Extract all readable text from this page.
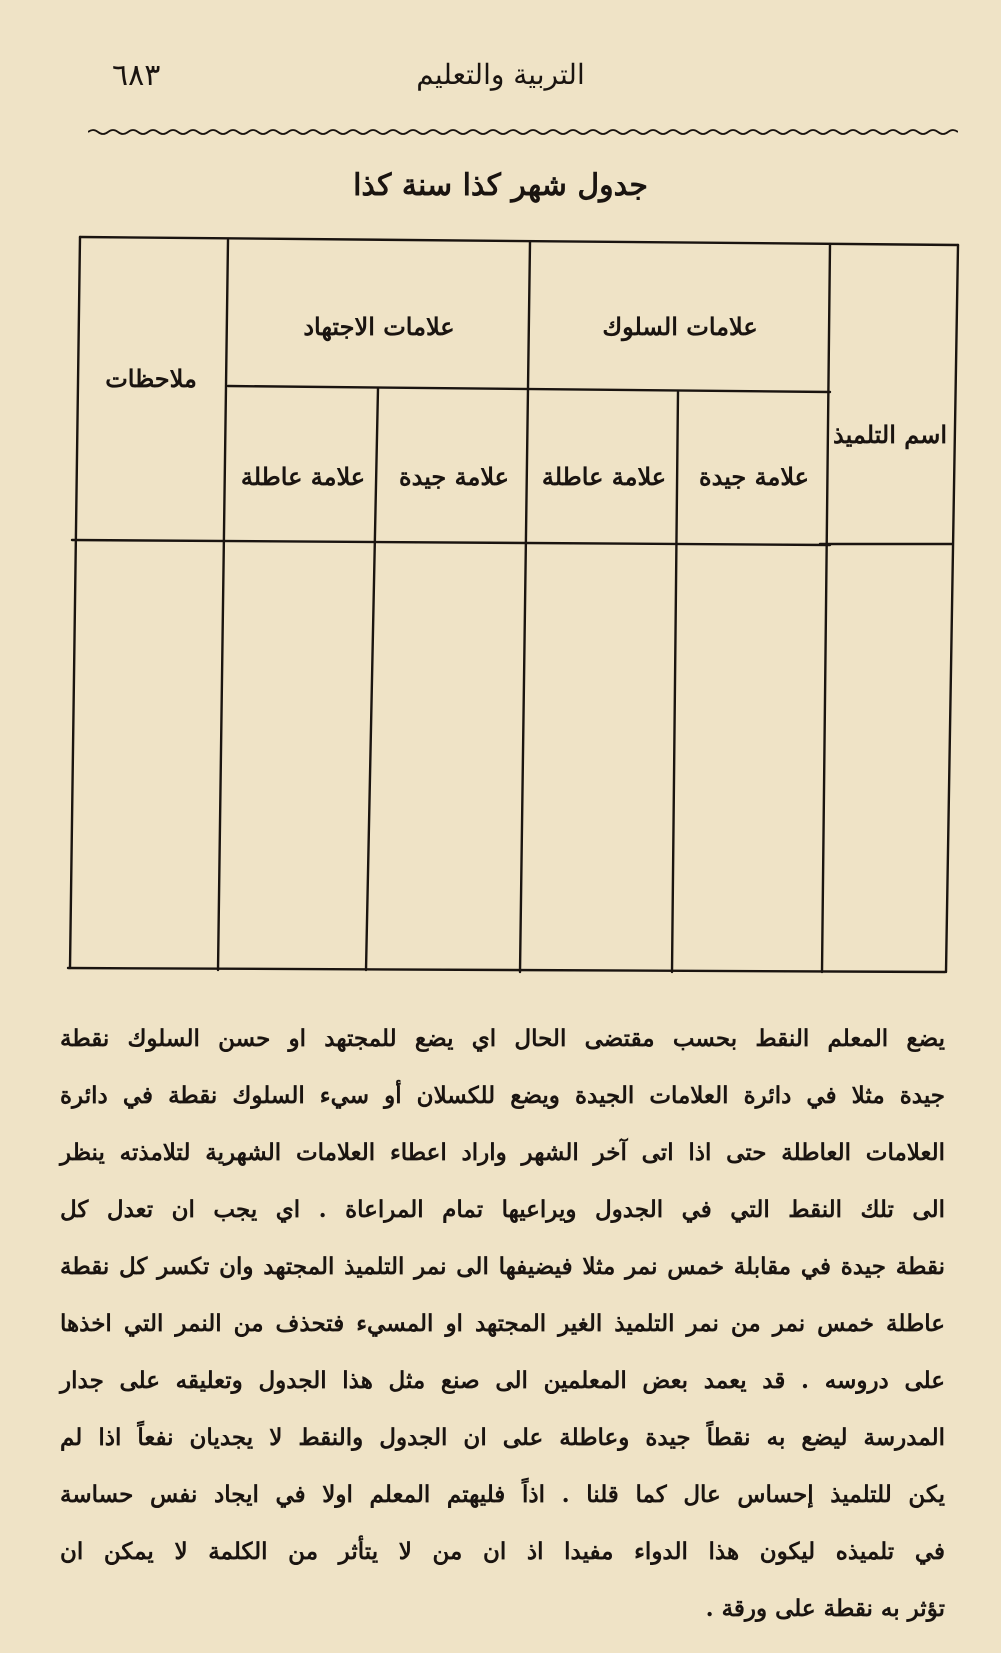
٦٨٣	التربية والتعليم
جدول شهر كذا سنة كذا
اسم التلميذ
علامات السلوك
علامات الاجتهاد
ملاحظات
علامة جيدة
علامة عاطلة
علامة جيدة
علامة عاطلة
يضع المعلم النقط بحسب مقتضى الحال اي يضع للمجتهد او حسن السلوك نقطة
جيدة مثلا في دائرة العلامات الجيدة ويضع للكسلان أو سيء السلوك نقطة في دائرة
العلامات العاطلة حتى اذا اتى آخر الشهر واراد اعطاء العلامات الشهرية لتلامذته ينظر
الى تلك النقط التي في الجدول ويراعيها تمام المراعاة . اي يجب ان تعدل كل
نقطة جيدة في مقابلة خمس نمر مثلا فيضيفها الى نمر التلميذ المجتهد وان تكسر كل نقطة
عاطلة خمس نمر من نمر التلميذ الغير المجتهد او المسيء فتحذف من النمر التي اخذها
على دروسه . قد يعمد بعض المعلمين الى صنع مثل هذا الجدول وتعليقه على جدار
المدرسة ليضع به نقطاً جيدة وعاطلة على ان الجدول والنقط لا يجديان نفعاً اذا لم
يكن للتلميذ إحساس عال كما قلنا . اذاً فليهتم المعلم اولا في ايجاد نفس حساسة
في تلميذه ليكون هذا الدواء مفيدا اذ ان من لا يتأثر من الكلمة لا يمكن ان
تؤثر به نقطة على ورقة .
